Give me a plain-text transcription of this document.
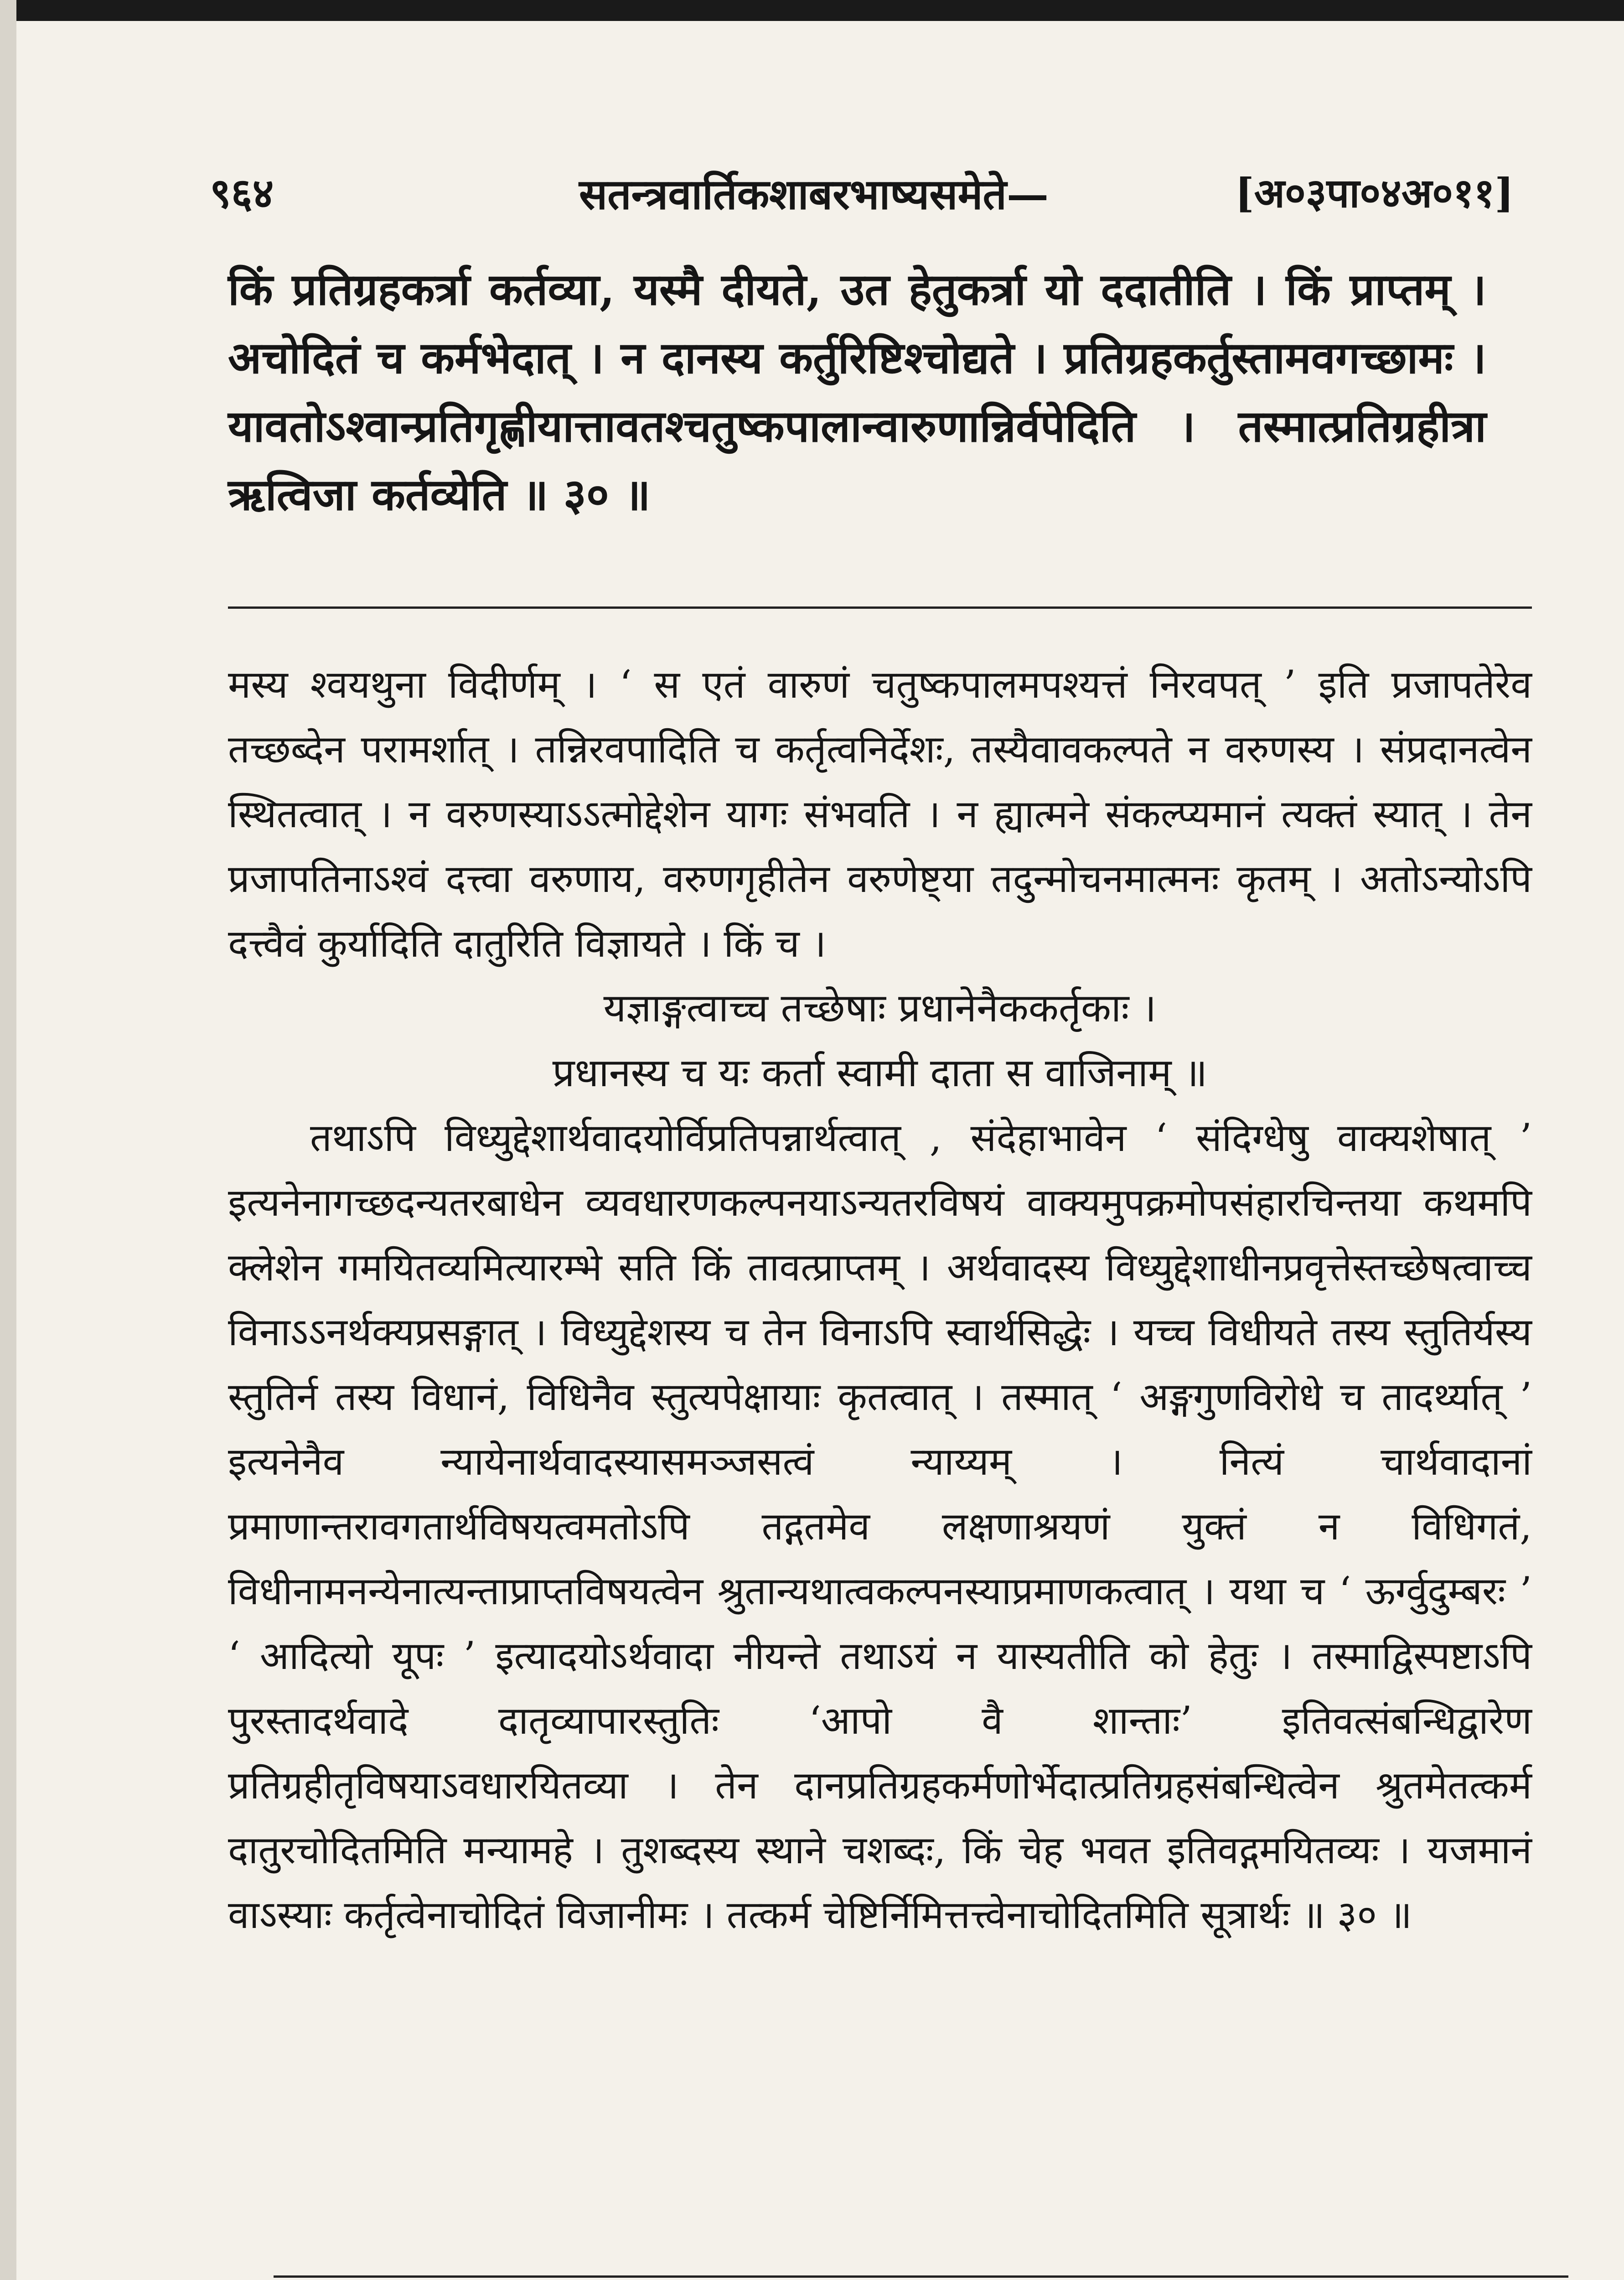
९६४	सतन्त्रवार्तिकशाबरभाष्यसमेते—	[अ०३पा०४अ०११]

किं प्रतिग्रहकर्त्रा कर्तव्या, यस्मै दीयते, उत हेतुकर्त्रा यो ददातीति । किं प्राप्तम् । अचोदितं च कर्मभेदात् । न दानस्य कर्तुरिष्टिश्चोद्यते । प्रतिग्रहकर्तुस्तामवगच्छामः । यावतोऽश्वान्प्रतिगृह्णीयात्तावतश्चतुष्कपालान्वारुणान्निर्वपेदिति । तस्मात्प्रतिग्रहीत्रा ऋत्विजा कर्तव्येति ॥ ३० ॥

मस्य श्वयथुना विदीर्णम् । ‘ स एतं वारुणं चतुष्कपालमपश्यत्तं निरवपत् ’ इति प्रजापतेरेव तच्छब्देन परामर्शात् । तन्निरवपादिति च कर्तृत्वनिर्देशः, तस्यैवावकल्पते न वरुणस्य । संप्रदानत्वेन स्थितत्वात् । न वरुणस्याऽऽत्मोद्देशेन यागः संभवति । न ह्यात्मने संकल्प्यमानं त्यक्तं स्यात् । तेन प्रजापतिनाऽश्वं दत्त्वा वरुणाय, वरुणगृहीतेन वरुणेष्ट्या तदुन्मोचनमात्मनः कृतम् । अतोऽन्योऽपि दत्त्वैवं कुर्यादिति दातुरिति विज्ञायते । किं च ।

यज्ञाङ्गत्वाच्च तच्छेषाः प्रधानेनैककर्तृकाः ।

प्रधानस्य च यः कर्ता स्वामी दाता स वाजिनाम् ॥

तथाऽपि विध्युद्देशार्थवादयोर्विप्रतिपन्नार्थत्वात् , संदेहाभावेन ‘ संदिग्धेषु वाक्यशेषात् ’ इत्यनेनागच्छदन्यतरबाधेन व्यवधारणकल्पनयाऽन्यतरविषयं वाक्यमुपक्रमोपसंहारचिन्तया कथमपि क्लेशेन गमयितव्यमित्यारम्भे सति किं तावत्प्राप्तम् । अर्थवादस्य विध्युद्देशाधीनप्रवृत्तेस्तच्छेषत्वाच्च विनाऽऽनर्थक्यप्रसङ्गात् । विध्युद्देशस्य च तेन विनाऽपि स्वार्थसिद्धेः । यच्च विधीयते तस्य स्तुतिर्यस्य स्तुतिर्न तस्य विधानं, विधिनैव स्तुत्यपेक्षायाः कृतत्वात् । तस्मात् ‘ अङ्गगुणविरोधे च तादर्थ्यात् ’ इत्यनेनैव न्यायेनार्थवादस्यासमञ्जसत्वं न्याय्यम् । नित्यं चार्थवादानां प्रमाणान्तरावगतार्थविषयत्वमतोऽपि तद्गतमेव लक्षणाश्रयणं युक्तं न विधिगतं, विधीनामनन्येनात्यन्ताप्राप्तविषयत्वेन श्रुतान्यथात्वकल्पनस्याप्रमाणकत्वात् । यथा च ‘ ऊर्ग्वुदुम्बरः ’ ‘ आदित्यो यूपः ’ इत्यादयोऽर्थवादा नीयन्ते तथाऽयं न यास्यतीति को हेतुः । तस्माद्विस्पष्टाऽपि पुरस्तादर्थवादे दातृव्यापारस्तुतिः ‘आपो वै शान्ताः’ इतिवत्संबन्धिद्वारेण प्रतिग्रहीतृविषयाऽवधारयितव्या । तेन दानप्रतिग्रहकर्मणोर्भेदात्प्रतिग्रहसंबन्धित्वेन श्रुतमेतत्कर्म दातुरचोदितमिति मन्यामहे । तुशब्दस्य स्थाने चशब्दः, किं चेह भवत इतिवद्गमयितव्यः । यजमानं वाऽस्याः कर्तृत्वेनाचोदितं विजानीमः । तत्कर्म चेष्टिर्निमित्तत्त्वेनाचोदितमिति सूत्रार्थः ॥ ३० ॥
